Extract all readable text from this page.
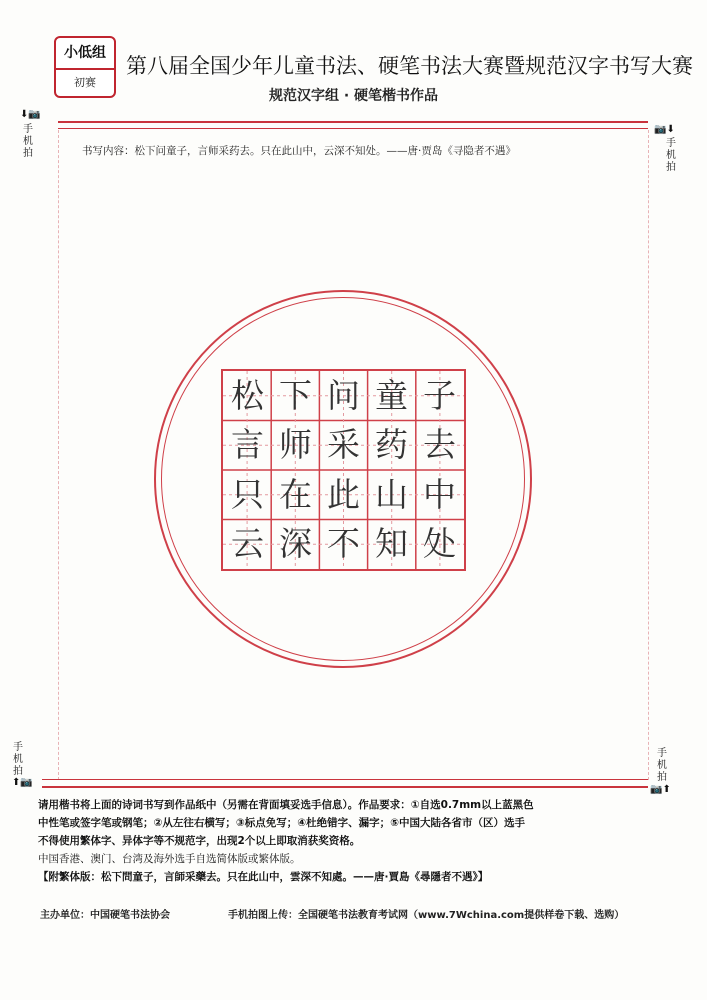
小低组
初赛
第八届全国少年儿童书法、硬笔书法大赛暨规范汉字书写大赛
规范汉字组 · 硬笔楷书作品
⬇📷
手
机
拍
📷⬇
手
机
拍
书写内容：松下问童子，言师采药去。只在此山中，云深不知处。——唐·贾岛《寻隐者不遇》
松 下 问 童 子
言 师 采 药 去
只 在 此 山 中
云 深 不 知 处
手
机
拍
⬆📷
手
机
拍
📷⬆

请用楷书将上面的诗词书写到作品纸中（另需在背面填妥选手信息）。作品要求：①自选0.7mm以上蓝黑色

中性笔或签字笔或钢笔；②从左往右横写；③标点免写；④杜绝错字、漏字；⑤中国大陆各省市（区）选手

不得使用繁体字、异体字等不规范字，出现2个以上即取消获奖资格。

中国香港、澳门、台湾及海外选手自选简体版或繁体版。

【附繁体版：松下問童子，言師采藥去。只在此山中，雲深不知處。——唐·賈島《尋隱者不遇》】

主办单位：中国硬笔书法协会	手机拍图上传：全国硬笔书法教育考试网（www.7Wchina.com提供样卷下载、选购）
